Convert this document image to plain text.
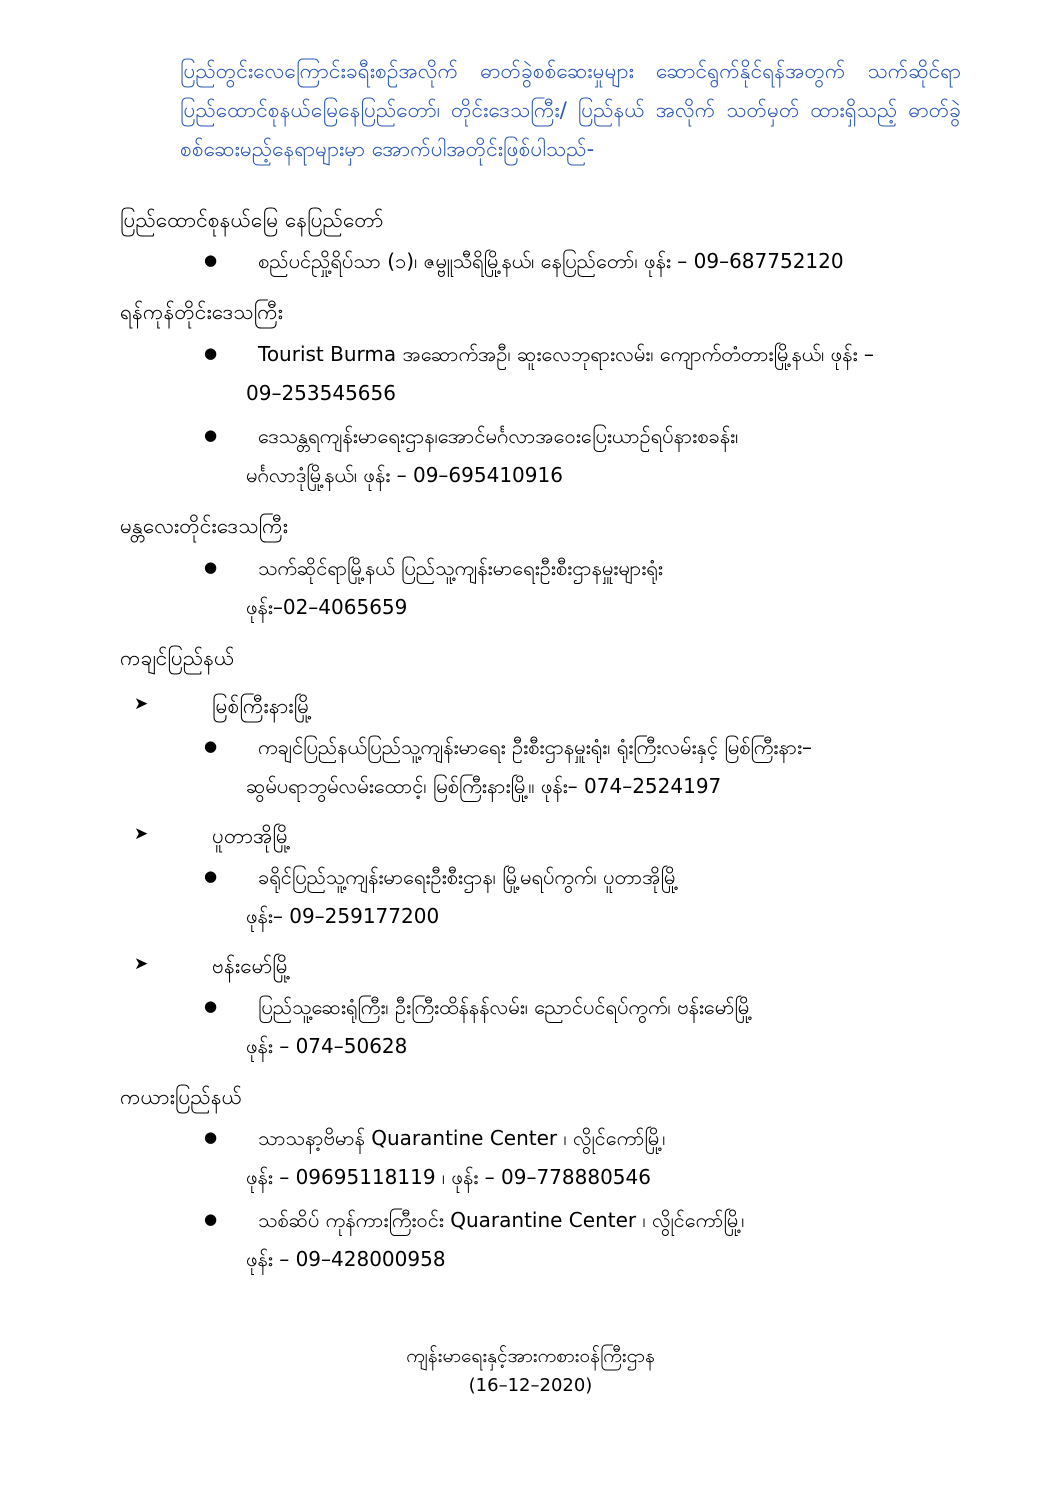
ပြည်တွင်းလေကြောင်းခရီးစဉ်အလိုက် ဓာတ်ခွဲစစ်ဆေးမှုများ ဆောင်ရွက်နိုင်ရန်အတွက် သက်ဆိုင်ရာ ပြည်ထောင်စုနယ်မြေနေပြည်တော်၊ တိုင်းဒေသကြီး/ ပြည်နယ် အလိုက် သတ်မှတ် ထားရှိသည့် ဓာတ်ခွဲစစ်ဆေးမည့်နေရာများမှာ အောက်ပါအတိုင်းဖြစ်ပါသည်-

ပြည်ထောင်စုနယ်မြေ နေပြည်တော်
● စည်ပင်ညှို့ရိပ်သာ (၁)၊ ဇမ္ဗူသီရိမြို့နယ်၊ နေပြည်တော်၊ ဖုန်း – 09–687752120
ရန်ကုန်တိုင်းဒေသကြီး
● Tourist Burma အဆောက်အဦ၊ ဆူးလေဘုရားလမ်း၊ ကျောက်တံတားမြို့နယ်၊ ဖုန်း –
09–253545656
● ဒေသန္တရကျန်းမာရေးဌာန၊အောင်မင်္ဂလာအဝေးပြေးယာဉ်ရပ်နားစခန်း၊
မင်္ဂလာဒုံမြို့နယ်၊ ဖုန်း – 09–695410916
မန္တလေးတိုင်းဒေသကြီး
● သက်ဆိုင်ရာမြို့နယ် ပြည်သူ့ကျန်းမာရေးဦးစီးဌာနမှူးများရုံး
ဖုန်း–02–4065659
ကချင်ပြည်နယ်
➤ မြစ်ကြီးနားမြို့
● ကချင်ပြည်နယ်ပြည်သူ့ကျန်းမာရေး ဦးစီးဌာနမှူးရုံး၊ ရုံးကြီးလမ်းနှင့် မြစ်ကြီးနား–
ဆွမ်ပရာဘွမ်လမ်းထောင့်၊ မြစ်ကြီးနားမြို့။ ဖုန်း– 074–2524197
➤ ပူတာအိုမြို့
● ခရိုင်ပြည်သူ့ကျန်းမာရေးဦးစီးဌာန၊ မြို့မရပ်ကွက်၊ ပူတာအိုမြို့
ဖုန်း– 09–259177200
➤ ဗန်းမော်မြို့
● ပြည်သူ့ဆေးရုံကြီး၊ ဦးကြီးထိန်နန်လမ်း၊ ညောင်ပင်ရပ်ကွက်၊ ဗန်းမော်မြို့
ဖုန်း – 074–50628
ကယားပြည်နယ်
● သာသနာ့ဗိမာန် Quarantine Center ၊ လွိုင်ကော်မြို့၊
ဖုန်း – 09695118119 ၊ ဖုန်း – 09–778880546
● သစ်ဆိပ် ကုန်ကားကြီးဝင်း Quarantine Center ၊ လွိုင်ကော်မြို့၊
ဖုန်း – 09–428000958
ကျန်းမာရေးနှင့်အားကစားဝန်ကြီးဌာန
(16–12–2020)
